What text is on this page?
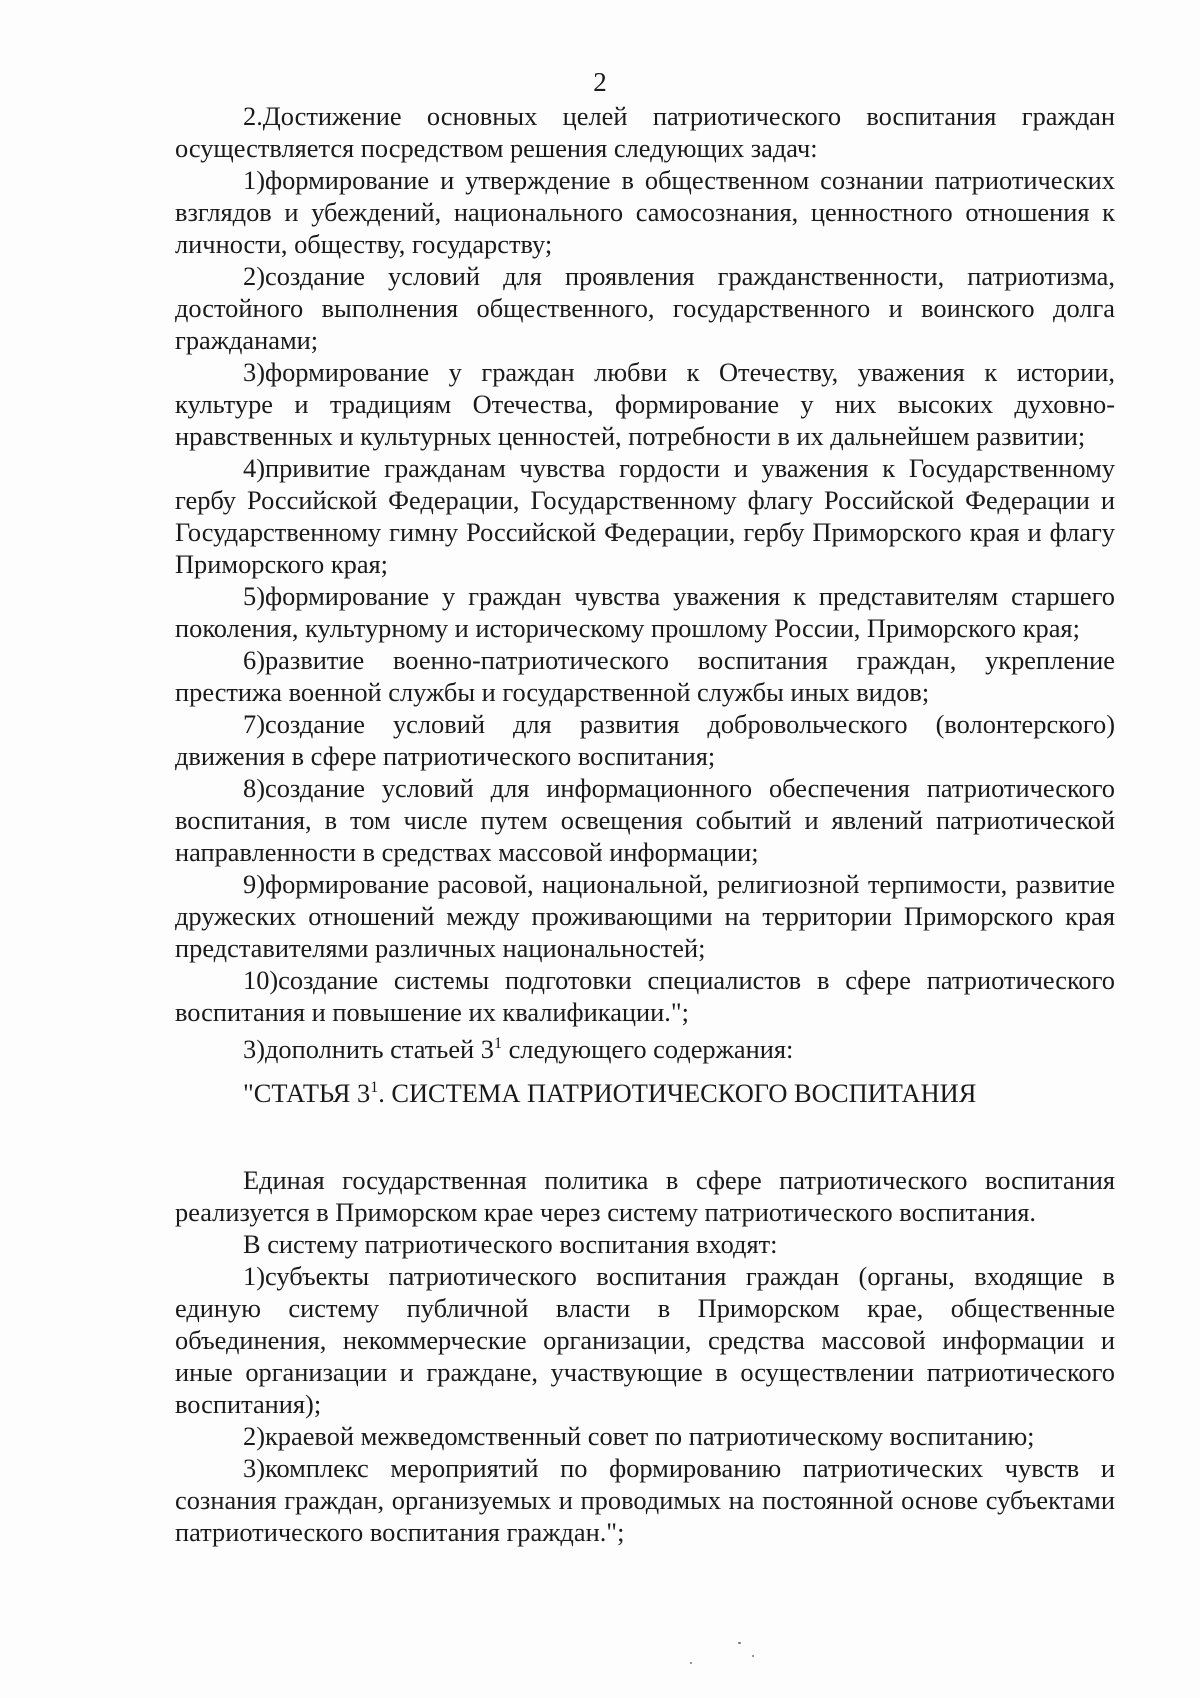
2

2.Достижение основных целей патриотического воспитания граждан осуществляется посредством решения следующих задач:

1)формирование и утверждение в общественном сознании патриотических взглядов и убеждений, национального самосознания, ценностного отношения к личности, обществу, государству;

2)создание условий для проявления гражданственности, патриотизма, достойного выполнения общественного, государственного и воинского долга гражданами;

3)формирование у граждан любви к Отечеству, уважения к истории, культуре и традициям Отечества, формирование у них высоких духовно-нравственных и культурных ценностей, потребности в их дальнейшем развитии;

4)привитие гражданам чувства гордости и уважения к Государственному гербу Российской Федерации, Государственному флагу Российской Федерации и Государственному гимну Российской Федерации, гербу Приморского края и флагу Приморского края;

5)формирование у граждан чувства уважения к представителям старшего поколения, культурному и историческому прошлому России, Приморского края;

6)развитие военно-патриотического воспитания граждан, укрепление престижа военной службы и государственной службы иных видов;

7)создание условий для развития добровольческого (волонтерского) движения в сфере патриотического воспитания;

8)создание условий для информационного обеспечения патриотического воспитания, в том числе путем освещения событий и явлений патриотической направленности в средствах массовой информации;

9)формирование расовой, национальной, религиозной терпимости, развитие дружеских отношений между проживающими на территории Приморского края представителями различных национальностей;

10)создание системы подготовки специалистов в сфере патриотического воспитания и повышение их квалификации.";

3)дополнить статьей $3^1$ следующего содержания:

"СТАТЬЯ $3^1$. СИСТЕМА ПАТРИОТИЧЕСКОГО ВОСПИТАНИЯ

Единая государственная политика в сфере патриотического воспитания реализуется в Приморском крае через систему патриотического воспитания.

В систему патриотического воспитания входят:

1)субъекты патриотического воспитания граждан (органы, входящие в единую систему публичной власти в Приморском крае, общественные объединения, некоммерческие организации, средства массовой информации и иные организации и граждане, участвующие в осуществлении патриотического воспитания);

2)краевой межведомственный совет по патриотическому воспитанию;

3)комплекс мероприятий по формированию патриотических чувств и сознания граждан, организуемых и проводимых на постоянной основе субъектами патриотического воспитания граждан.";
